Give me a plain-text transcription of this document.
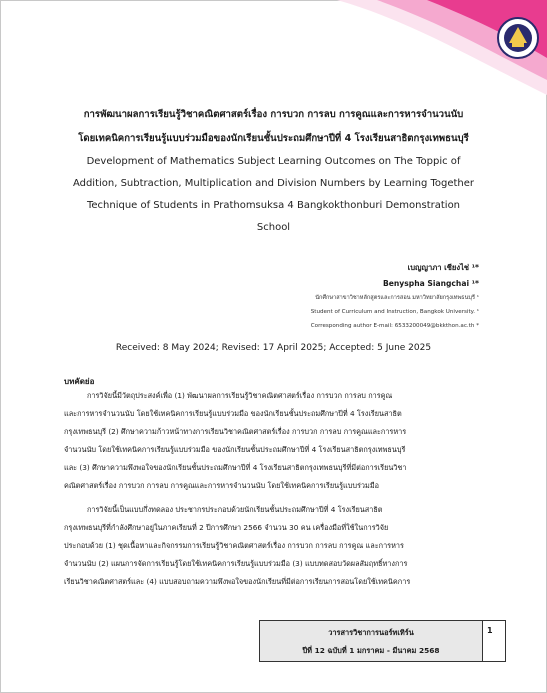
การพัฒนาผลการเรียนรู้วิชาคณิตศาสตร์เรื่อง การบวก การลบ การคูณและการหารจำนวนนับ
โดยเทคนิคการเรียนรู้แบบร่วมมือของนักเรียนชั้นประถมศึกษาปีที่ 4 โรงเรียนสาธิตกรุงเทพธนบุรี
Development of Mathematics Subject Learning Outcomes on The Toppic of
Addition, Subtraction, Multiplication and Division Numbers by Learning Together
Technique of Students in Prathomsuksa 4 Bangkokthonburi Demonstration
School
เบญญาภา เชียงไช่ ¹*
Benyspha Siangchai ¹*
นักศึกษาสาขาวิชาหลักสูตรและการสอน มหาวิทยาลัยกรุงเทพธนบุรี ¹
Student of Curriculum and Instruction, Bangkok University. ¹
Corresponding author E-mail: 6533200049@bkkthon.ac.th *
Received: 8 May 2024; Revised: 17 April 2025; Accepted: 5 June 2025
บทคัดย่อ
การวิจัยนี้มีวัตถุประสงค์เพื่อ (1) พัฒนาผลการเรียนรู้วิชาคณิตศาสตร์เรื่อง การบวก การลบ การคูณ
และการหารจำนวนนับ โดยใช้เทคนิคการเรียนรู้แบบร่วมมือ ของนักเรียนชั้นประถมศึกษาปีที่ 4 โรงเรียนสาธิต
กรุงเทพธนบุรี (2) ศึกษาความก้าวหน้าทางการเรียนวิชาคณิตศาสตร์เรื่อง การบวก การลบ การคูณและการหาร
จำนวนนับ โดยใช้เทคนิคการเรียนรู้แบบร่วมมือ ของนักเรียนชั้นประถมศึกษาปีที่ 4 โรงเรียนสาธิตกรุงเทพธนบุรี
และ (3) ศึกษาความพึงพอใจของนักเรียนชั้นประถมศึกษาปีที่ 4 โรงเรียนสาธิตกรุงเทพธนบุรีที่มีต่อการเรียนวิชา
คณิตศาสตร์เรื่อง การบวก การลบ การคูณและการหารจำนวนนับ โดยใช้เทคนิคการเรียนรู้แบบร่วมมือ
การวิจัยนี้เป็นแบบกึ่งทดลอง ประชากรประกอบด้วยนักเรียนชั้นประถมศึกษาปีที่ 4 โรงเรียนสาธิต
กรุงเทพธนบุรีที่กำลังศึกษาอยู่ในภาคเรียนที่ 2 ปีการศึกษา 2566 จำนวน 30 คน เครื่องมือที่ใช้ในการวิจัย
ประกอบด้วย (1) ชุดเนื้อหาและกิจกรรมการเรียนรู้วิชาคณิตศาสตร์เรื่อง การบวก การลบ การคูณ และการหาร
จำนวนนับ (2) แผนการจัดการเรียนรู้โดยใช้เทคนิคการเรียนรู้แบบร่วมมือ (3) แบบทดสอบวัดผลสัมฤทธิ์ทางการ
เรียนวิชาคณิตศาสตร์และ (4) แบบสอบถามความพึงพอใจของนักเรียนที่มีต่อการเรียนการสอนโดยใช้เทคนิคการ
วารสารวิชาการนอร์ทเทิร์น
ปีที่ 12 ฉบับที่ 1 มกราคม - มีนาคม 2568
1
